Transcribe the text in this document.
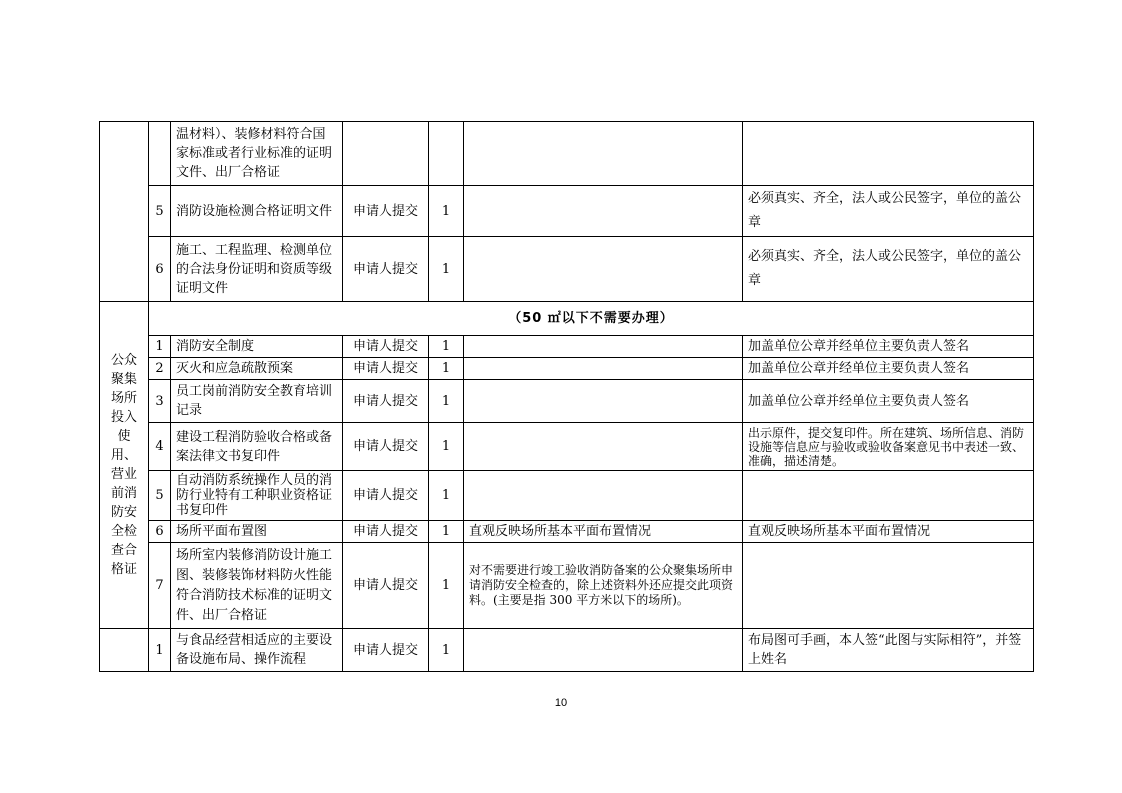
		温材料）、装修材料符合国家标准或者行业标准的证明文件、出厂合格证				
	5	消防设施检测合格证明文件	申请人提交	1		必须真实、齐全，法人或公民签字，单位的盖公章
	6	施工、工程监理、检测单位的合法身份证明和资质等级证明文件	申请人提交	1		必须真实、齐全，法人或公民签字，单位的盖公章
公众聚集场所投入使用、营业前消防安全检查合格证	（50 ㎡以下不需要办理）					
	1	消防安全制度	申请人提交	1		加盖单位公章并经单位主要负责人签名
	2	灭火和应急疏散预案	申请人提交	1		加盖单位公章并经单位主要负责人签名
	3	员工岗前消防安全教育培训记录	申请人提交	1		加盖单位公章并经单位主要负责人签名
	4	建设工程消防验收合格或备案法律文书复印件	申请人提交	1		出示原件，提交复印件。所在建筑、场所信息、消防设施等信息应与验收或验收备案意见书中表述一致、准确，描述清楚。
	5	自动消防系统操作人员的消防行业特有工种职业资格证书复印件	申请人提交	1		
	6	场所平面布置图	申请人提交	1	直观反映场所基本平面布置情况	直观反映场所基本平面布置情况
	7	场所室内装修消防设计施工图、装修装饰材料防火性能符合消防技术标准的证明文件、出厂合格证	申请人提交	1	对不需要进行竣工验收消防备案的公众聚集场所申请消防安全检查的，除上述资料外还应提交此项资料。(主要是指 300 平方米以下的场所)。	
	1	与食品经营相适应的主要设备设施布局、操作流程	申请人提交	1		布局图可手画，本人签“此图与实际相符”，并签上姓名
10
